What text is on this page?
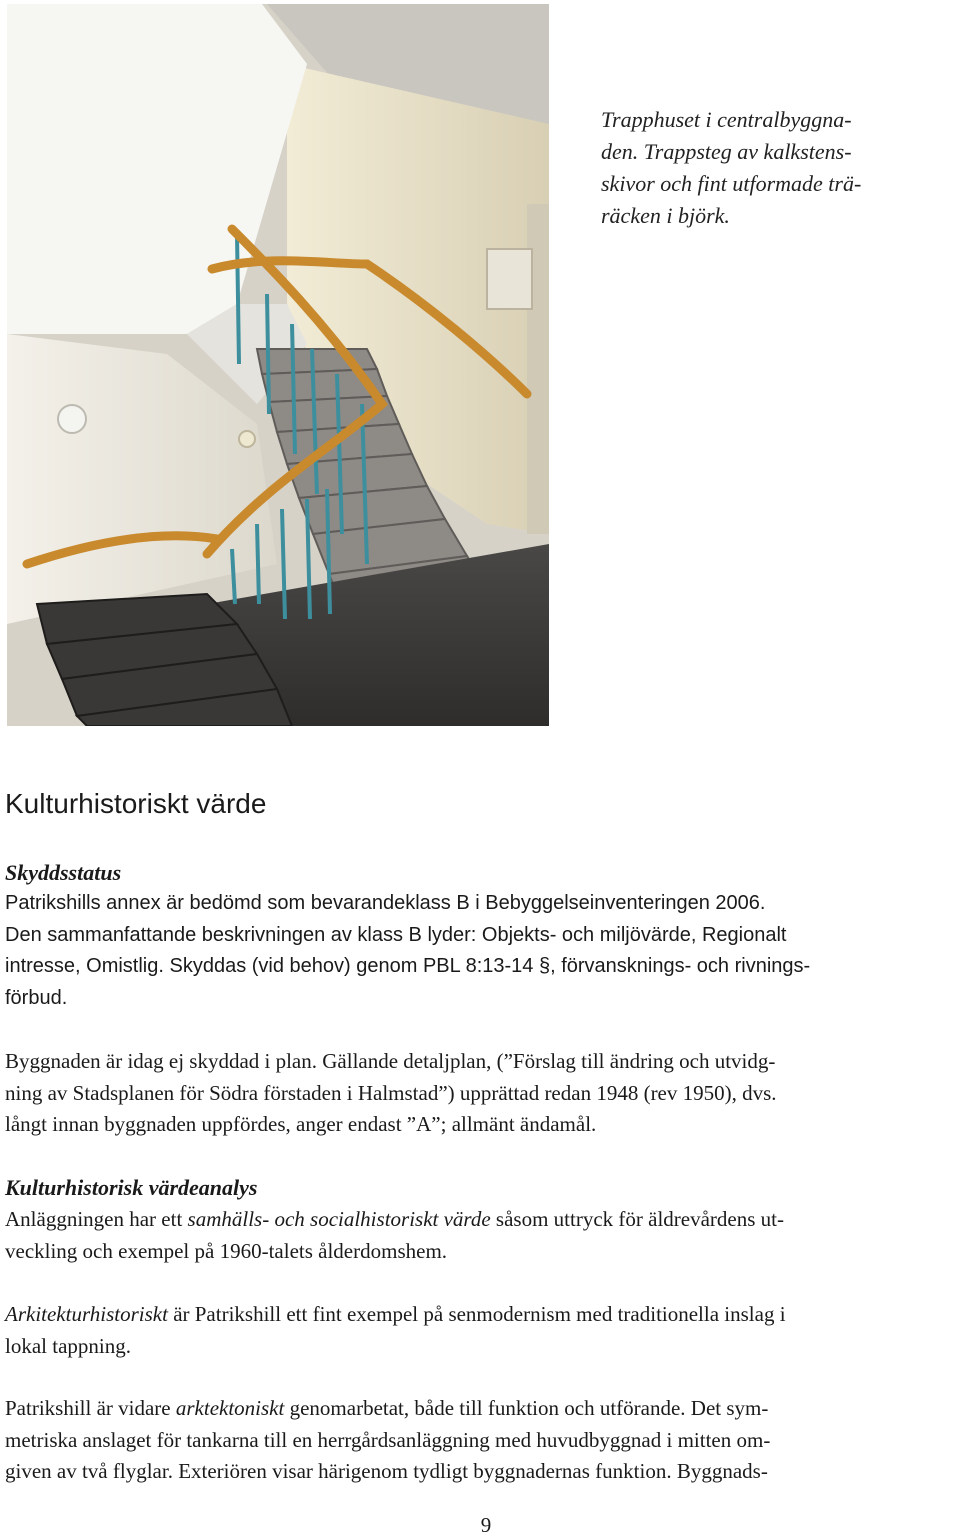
Trapphuset i centralbyggna-
den. Trappsteg av kalkstens-
skivor och fint utformade trä-
räcken i björk.
Kulturhistoriskt värde
Skyddsstatus

Patrikshills annex är bedömd som bevarandeklass B i Bebyggelseinventeringen 2006.
Den sammanfattande beskrivningen av klass B lyder: Objekts- och miljövärde, Regionalt
intresse, Omistlig. Skyddas (vid behov) genom PBL 8:13-14 §, förvansknings- och rivnings-
förbud.

Byggnaden är idag ej skyddad i plan. Gällande detaljplan, (”Förslag till ändring och utvidg-
ning av Stadsplanen för Södra förstaden i Halmstad”) upprättad redan 1948 (rev 1950), dvs.
långt innan byggnaden uppfördes, anger endast ”A”; allmänt ändamål.

Kulturhistorisk värdeanalys

Anläggningen har ett samhälls- och socialhistoriskt värde såsom uttryck för äldrevårdens ut-
veckling och exempel på 1960-talets ålderdomshem.

Arkitekturhistoriskt är Patrikshill ett fint exempel på senmodernism med traditionella inslag i
lokal tappning.

Patrikshill är vidare arktektoniskt genomarbetat, både till funktion och utförande. Det sym-
metriska anslaget för tankarna till en herrgårdsanläggning med huvudbyggnad i mitten om-
given av två flyglar. Exteriören visar härigenom tydligt byggnadernas funktion. Byggnads-

9
